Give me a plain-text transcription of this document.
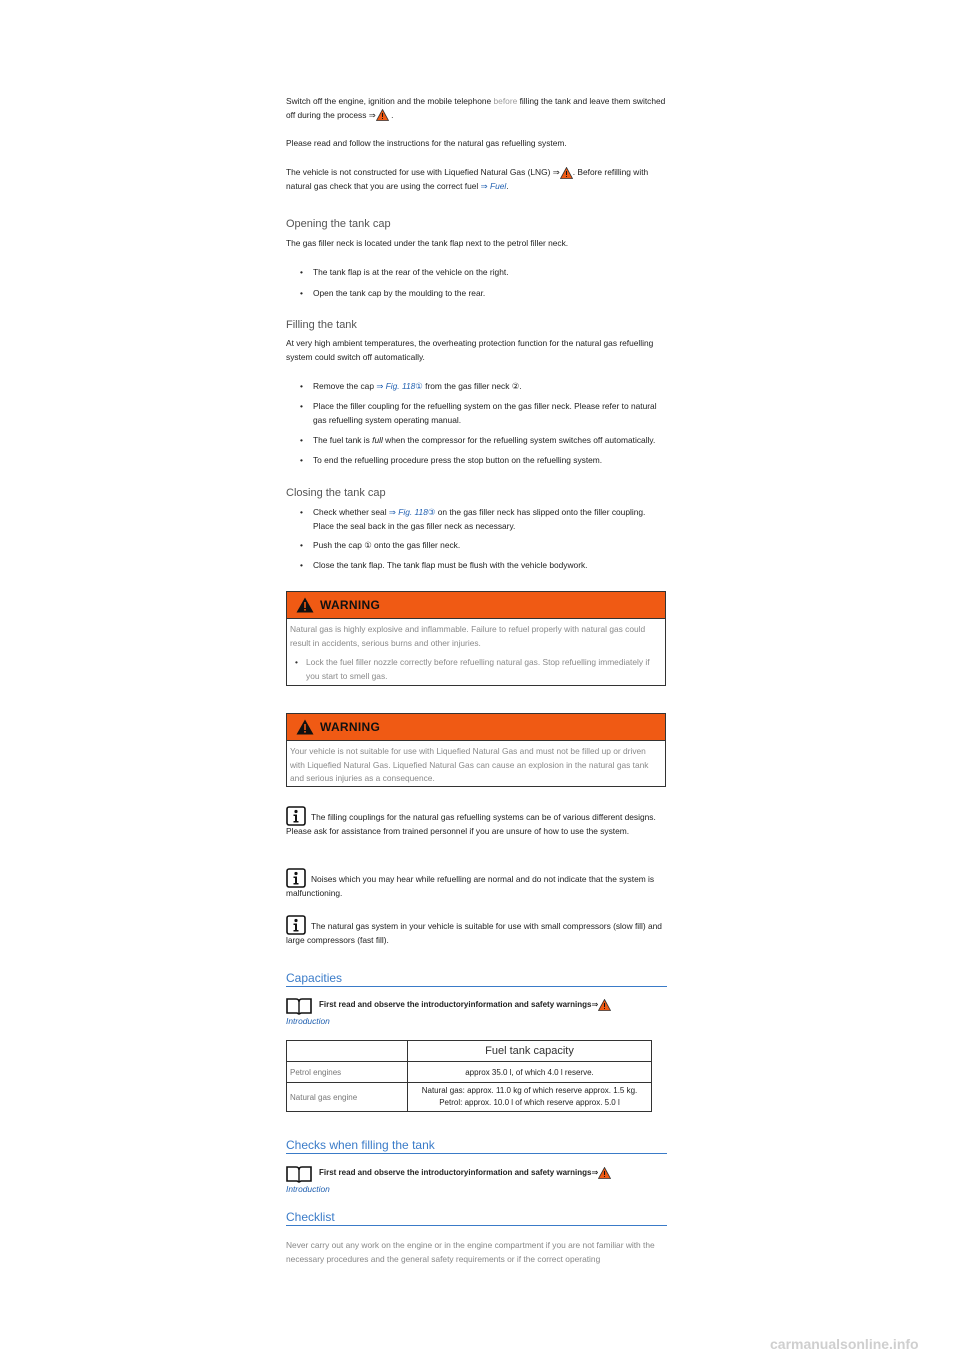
Switch off the engine, ignition and the mobile telephone before filling the tank and leave them switched off during the process ⇒ .

Please read and follow the instructions for the natural gas refuelling system.

The vehicle is not constructed for use with Liquefied Natural Gas (LNG) ⇒ . Before refilling with natural gas check that you are using the correct fuel ⇒ Fuel.

Opening the tank cap

The gas filler neck is located under the tank flap next to the petrol filler neck.

• The tank flap is at the rear of the vehicle on the right.
• Open the tank cap by the moulding to the rear.
Filling the tank

At very high ambient temperatures, the overheating protection function for the natural gas refuelling system could switch off automatically.

• Remove the cap ⇒ Fig. 118① from the gas filler neck ②.
• Place the filler coupling for the refuelling system on the gas filler neck. Please refer to natural gas refuelling system operating manual.
• The fuel tank is full when the compressor for the refuelling system switches off automatically.
• To end the refuelling procedure press the stop button on the refuelling system.
Closing the tank cap
• Check whether seal ⇒ Fig. 118③ on the gas filler neck has slipped onto the filler coupling. Place the seal back in the gas filler neck as necessary.
• Push the cap ① onto the gas filler neck.
• Close the tank flap. The tank flap must be flush with the vehicle bodywork.
WARNING
Natural gas is highly explosive and inflammable. Failure to refuel properly with natural gas could result in accidents, serious burns and other injuries.
• Lock the fuel filler nozzle correctly before refuelling natural gas. Stop refuelling immediately if you start to smell gas.
WARNING
Your vehicle is not suitable for use with Liquefied Natural Gas and must not be filled up or driven with Liquefied Natural Gas. Liquefied Natural Gas can cause an explosion in the natural gas tank and serious injuries as a consequence.

The filling couplings for the natural gas refuelling systems can be of various different designs. Please ask for assistance from trained personnel if you are unsure of how to use the system.

Noises which you may hear while refuelling are normal and do not indicate that the system is malfunctioning.

The natural gas system in your vehicle is suitable for use with small compressors (slow fill) and large compressors (fast fill).

Capacities

First read and observe the introductoryinformation and safety warnings⇒

Introduction

	Fuel tank capacity
Petrol engines	approx 35.0 l, of which 4.0 l reserve.
Natural gas engine	Natural gas: approx. 11.0 kg of which reserve approx. 1.5 kg.
Petrol: approx. 10.0 l of which reserve approx. 5.0 l
Checks when filling the tank

First read and observe the introductoryinformation and safety warnings⇒

Introduction

Checklist

Never carry out any work on the engine or in the engine compartment if you are not familiar with the necessary procedures and the general safety requirements or if the correct operating

carmanualsonline.info
